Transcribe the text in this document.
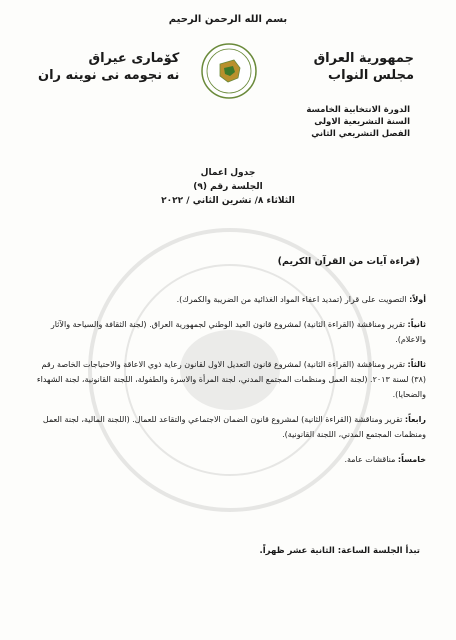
بسم الله الرحمن الرحيم
جمهورية العراق
مجلس النواب
كۆمارى عيراق
نه نجومه نى نوينه ران
الدورة الانتخابية الخامسة
السنة التشريعية الاولى
الفصل التشريعي الثاني
جدول اعمال
الجلسة رقم (٩)
الثلاثاء ٨/ تشرين الثاني / ٢٠٢٢
(قراءة آيات من القرآن الكريم)
أولاً: التصويت على قرار (تمديد اعفاء المواد الغذائية من الضريبة والكمرك).
ثانياً: تقرير ومناقشة (القراءة الثانية) لمشروع قانون العيد الوطني لجمهورية العراق. (لجنة الثقافة والسياحة والآثار والاعلام).
ثالثاً: تقرير ومناقشة (القراءة الثانية) لمشروع قانون التعديل الاول لقانون رعاية ذوي الاعاقة والاحتياجات الخاصة رقم (٣٨) لسنة ٢٠١٣. (لجنة العمل ومنظمات المجتمع المدني، لجنة المرأة والاسرة والطفولة، اللجنة القانونية، لجنة الشهداء والضحايا).
رابعاً: تقرير ومناقشة (القراءة الثانية) لمشروع قانون الضمان الاجتماعي والتقاعد للعمال. (اللجنة المالية، لجنة العمل ومنظمات المجتمع المدني، اللجنة القانونية).
خامساً: مناقشات عامة.
تبدأ الجلسة الساعة: الثانية عشر ظهراً.
